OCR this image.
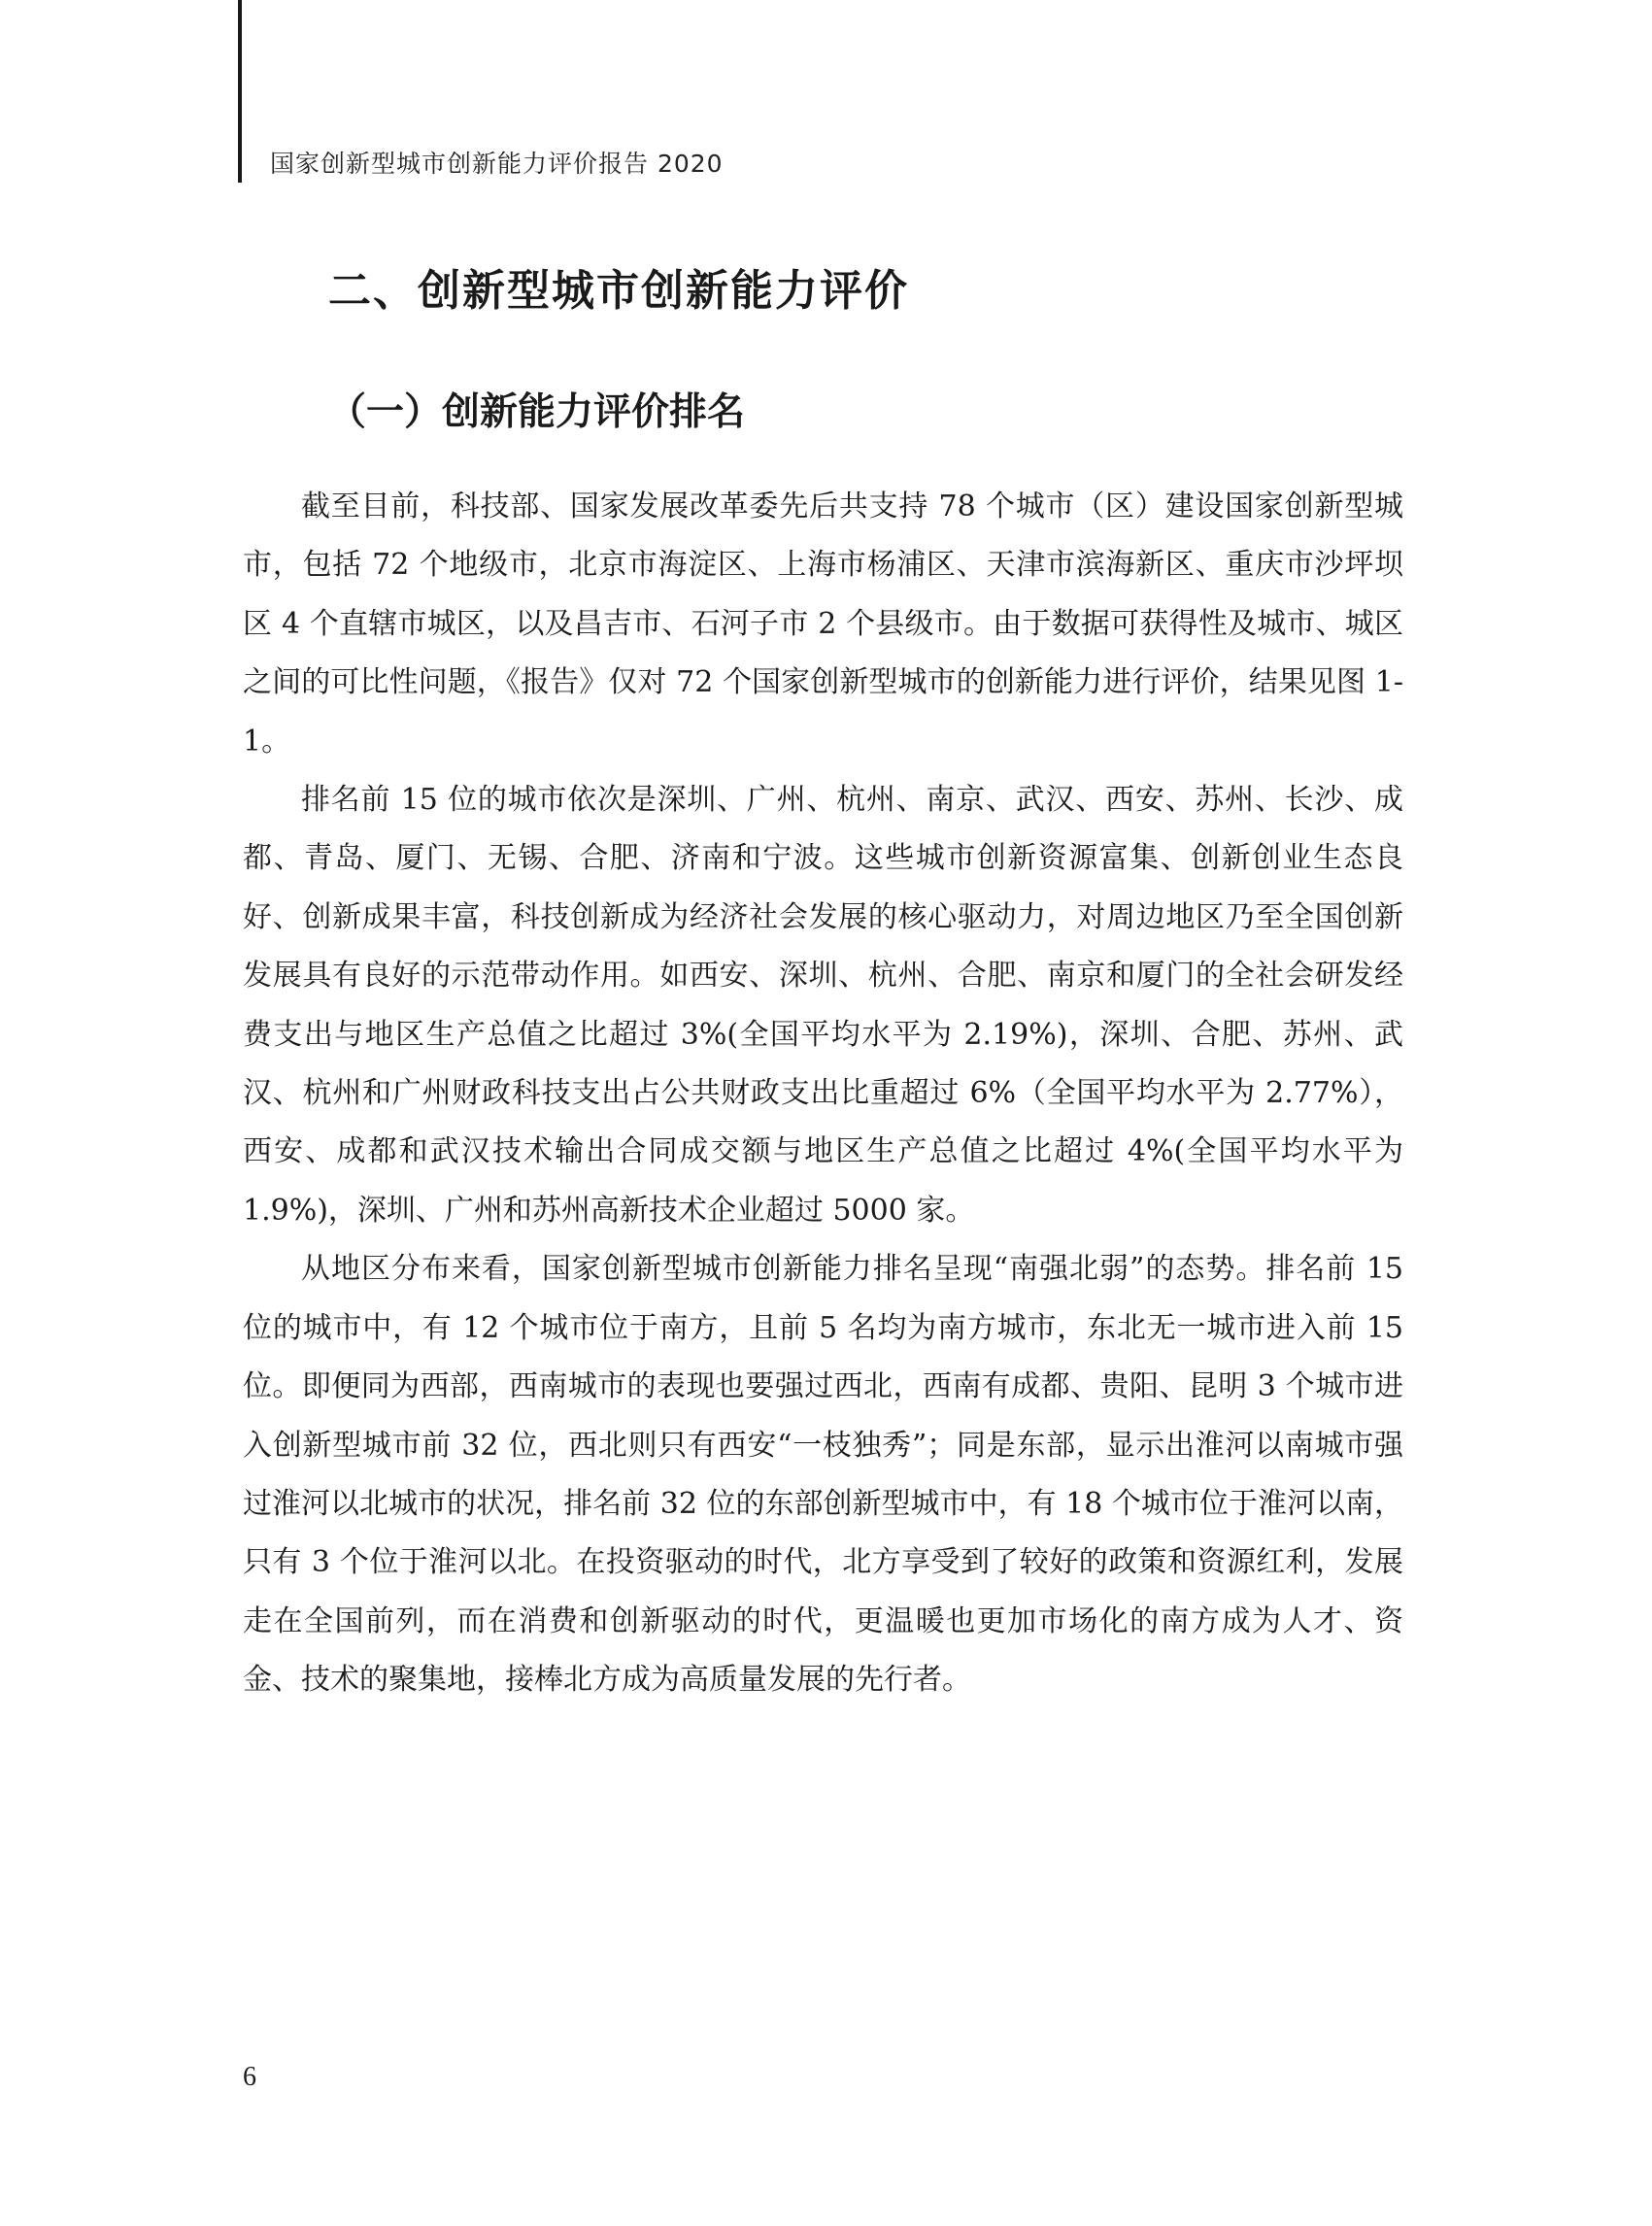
国家创新型城市创新能力评价报告 2020
二、创新型城市创新能力评价
（一）创新能力评价排名

截至目前，科技部、国家发展改革委先后共支持 78 个城市（区）建设国家创新型城市，包括 72 个地级市，北京市海淀区、上海市杨浦区、天津市滨海新区、重庆市沙坪坝区 4 个直辖市城区，以及昌吉市、石河子市 2 个县级市。由于数据可获得性及城市、城区之间的可比性问题，《报告》仅对 72 个国家创新型城市的创新能力进行评价，结果见图 1-1。

排名前 15 位的城市依次是深圳、广州、杭州、南京、武汉、西安、苏州、长沙、成都、青岛、厦门、无锡、合肥、济南和宁波。这些城市创新资源富集、创新创业生态良好、创新成果丰富，科技创新成为经济社会发展的核心驱动力，对周边地区乃至全国创新发展具有良好的示范带动作用。如西安、深圳、杭州、合肥、南京和厦门的全社会研发经费支出与地区生产总值之比超过 3%(全国平均水平为 2.19%)，深圳、合肥、苏州、武汉、杭州和广州财政科技支出占公共财政支出比重超过 6%（全国平均水平为 2.77%），西安、成都和武汉技术输出合同成交额与地区生产总值之比超过 4%(全国平均水平为 1.9%)，深圳、广州和苏州高新技术企业超过 5000 家。

从地区分布来看，国家创新型城市创新能力排名呈现“南强北弱”的态势。排名前 15 位的城市中，有 12 个城市位于南方，且前 5 名均为南方城市，东北无一城市进入前 15 位。即便同为西部，西南城市的表现也要强过西北，西南有成都、贵阳、昆明 3 个城市进入创新型城市前 32 位，西北则只有西安“一枝独秀”；同是东部，显示出淮河以南城市强过淮河以北城市的状况，排名前 32 位的东部创新型城市中，有 18 个城市位于淮河以南，只有 3 个位于淮河以北。在投资驱动的时代，北方享受到了较好的政策和资源红利，发展走在全国前列，而在消费和创新驱动的时代，更温暖也更加市场化的南方成为人才、资金、技术的聚集地，接棒北方成为高质量发展的先行者。

6
